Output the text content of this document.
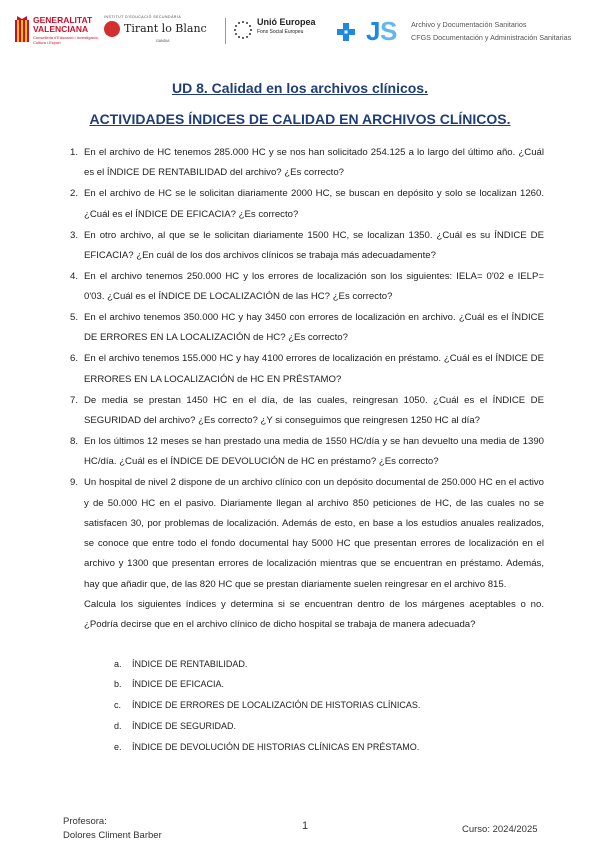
GENERALITAT
VALENCIANA
Conselleria d'Educació i Investigació, Cultura i Esport
INSTITUT D'EDUCACIÓ SECUNDÀRIA
Tirant lo Blanc
GANDIA
Unió Europea
Fons Social Europeu	J S Archivo y Documentación Sanitarios
CFGS Documentación y Administración Sanitarias
UD 8. Calidad en los archivos clínicos.
ACTIVIDADES ÍNDICES DE CALIDAD EN ARCHIVOS CLÍNICOS.
1. En el archivo de HC tenemos 285.000 HC y se nos han solicitado 254.125 a lo largo del último año. ¿Cuál es el ÍNDICE DE RENTABILIDAD del archivo? ¿Es correcto?
2. En el archivo de HC se le solicitan diariamente 2000 HC, se buscan en depósito y solo se localizan 1260. ¿Cuál es el ÍNDICE DE EFICACIA? ¿Es correcto?
3. En otro archivo, al que se le solicitan diariamente 1500 HC, se localizan 1350. ¿Cuál es su ÍNDICE DE EFICACIA? ¿En cuál de los dos archivos clínicos se trabaja más adecuadamente?
4. En el archivo tenemos 250.000 HC y los errores de localización son los siguientes: IELA= 0'02 e IELP= 0'03. ¿Cuál es el ÍNDICE DE LOCALIZACIÓN de las HC? ¿Es correcto?
5. En el archivo tenemos 350.000 HC y hay 3450 con errores de localización en archivo. ¿Cuál es el ÍNDICE DE ERRORES EN LA LOCALIZACIÓN de HC? ¿Es correcto?
6. En el archivo tenemos 155.000 HC y hay 4100 errores de localización en préstamo. ¿Cuál es el ÍNDICE DE ERRORES EN LA LOCALIZACIÓN de HC EN PRÉSTAMO?
7. De media se prestan 1450 HC en el día, de las cuales, reingresan 1050. ¿Cuál es el ÍNDICE DE SEGURIDAD del archivo? ¿Es correcto? ¿Y si conseguimos que reingresen 1250 HC al día?
8. En los últimos 12 meses se han prestado una media de 1550 HC/día y se han devuelto una media de 1390 HC/día. ¿Cuál es el ÍNDICE DE DEVOLUCIÓN de HC en préstamo? ¿Es correcto?
9. Un hospital de nivel 2 dispone de un archivo clínico con un depósito documental de 250.000 HC en el activo y de 50.000 HC en el pasivo. Diariamente llegan al archivo 850 peticiones de HC, de las cuales no se satisfacen 30, por problemas de localización. Además de esto, en base a los estudios anuales realizados, se conoce que entre todo el fondo documental hay 5000 HC que presentan errores de localización en el archivo y 1300 que presentan errores de localización mientras que se encuentran en préstamo. Además, hay que añadir que, de las 820 HC que se prestan diariamente suelen reingresar en el archivo 815.
Calcula los siguientes índices y determina si se encuentran dentro de los márgenes aceptables o no. ¿Podría decirse que en el archivo clínico de dicho hospital se trabaja de manera adecuada?
a. ÍNDICE DE RENTABILIDAD.
b. ÍNDICE DE EFICACIA.
c. ÍNDICE DE ERRORES DE LOCALIZACIÓN DE HISTORIAS CLÍNICAS.
d. ÍNDICE DE SEGURIDAD.
e. ÍNDICE DE DEVOLUCIÓN DE HISTORIAS CLÍNICAS EN PRÉSTAMO.
Profesora:
Dolores Climent Barber
1	Curso: 2024/2025
